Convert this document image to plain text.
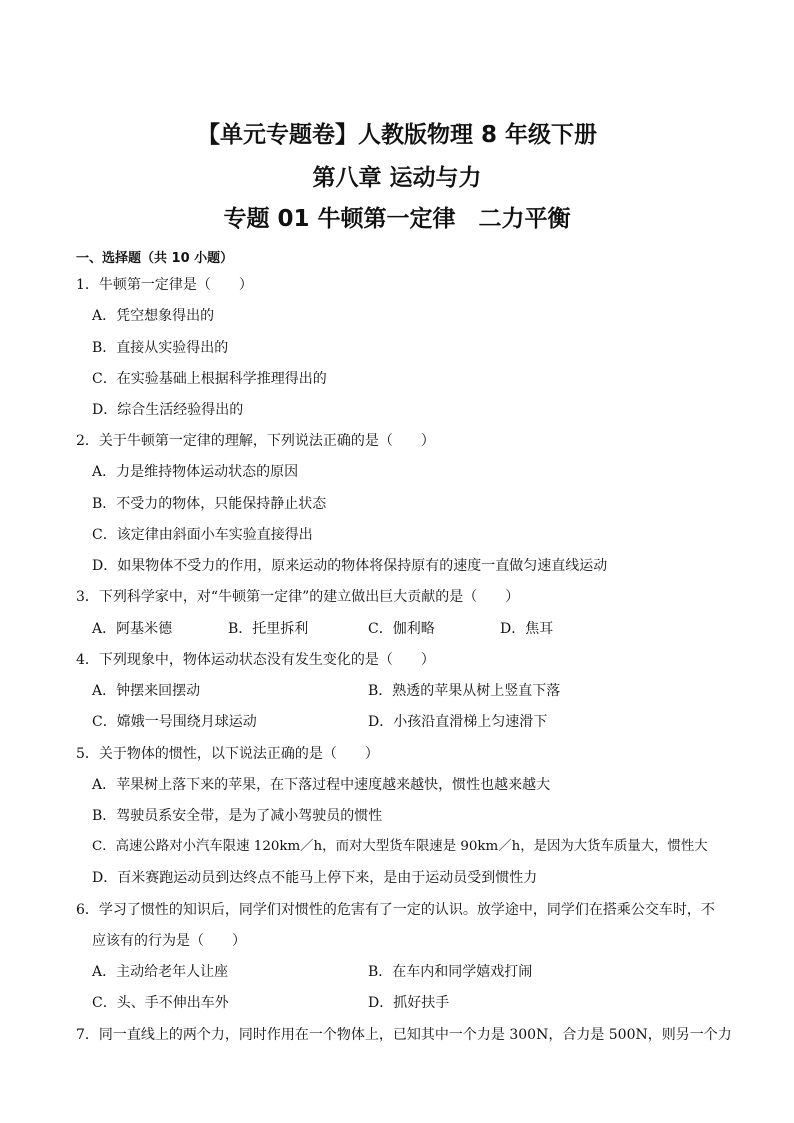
【单元专题卷】人教版物理 8 年级下册
第八章 运动与力
专题 01 牛顿第一定律　二力平衡
一、选择题（共 10 小题）
1．牛顿第一定律是（　　）
A．凭空想象得出的
B．直接从实验得出的
C．在实验基础上根据科学推理得出的
D．综合生活经验得出的
2．关于牛顿第一定律的理解，下列说法正确的是（　　）
A．力是维持物体运动状态的原因
B．不受力的物体，只能保持静止状态
C．该定律由斜面小车实验直接得出
D．如果物体不受力的作用，原来运动的物体将保持原有的速度一直做匀速直线运动
3．下列科学家中，对“牛顿第一定律”的建立做出巨大贡献的是（　　）
A．阿基米德	B．托里拆利	C．伽利略	D．焦耳
4．下列现象中，物体运动状态没有发生变化的是（　　）
A．钟摆来回摆动	B．熟透的苹果从树上竖直下落
C．嫦娥一号围绕月球运动	D．小孩沿直滑梯上匀速滑下
5．关于物体的惯性，以下说法正确的是（　　）
A．苹果树上落下来的苹果，在下落过程中速度越来越快，惯性也越来越大
B．驾驶员系安全带，是为了减小驾驶员的惯性
C．高速公路对小汽车限速 120km／h，而对大型货车限速是 90km／h，是因为大货车质量大，惯性大
D．百米赛跑运动员到达终点不能马上停下来，是由于运动员受到惯性力
6．学习了惯性的知识后，同学们对惯性的危害有了一定的认识。放学途中，同学们在搭乘公交车时，不
应该有的行为是（　　）
A．主动给老年人让座	B．在车内和同学嬉戏打闹
C．头、手不伸出车外	D．抓好扶手
7．同一直线上的两个力，同时作用在一个物体上，已知其中一个力是 300N，合力是 500N，则另一个力
